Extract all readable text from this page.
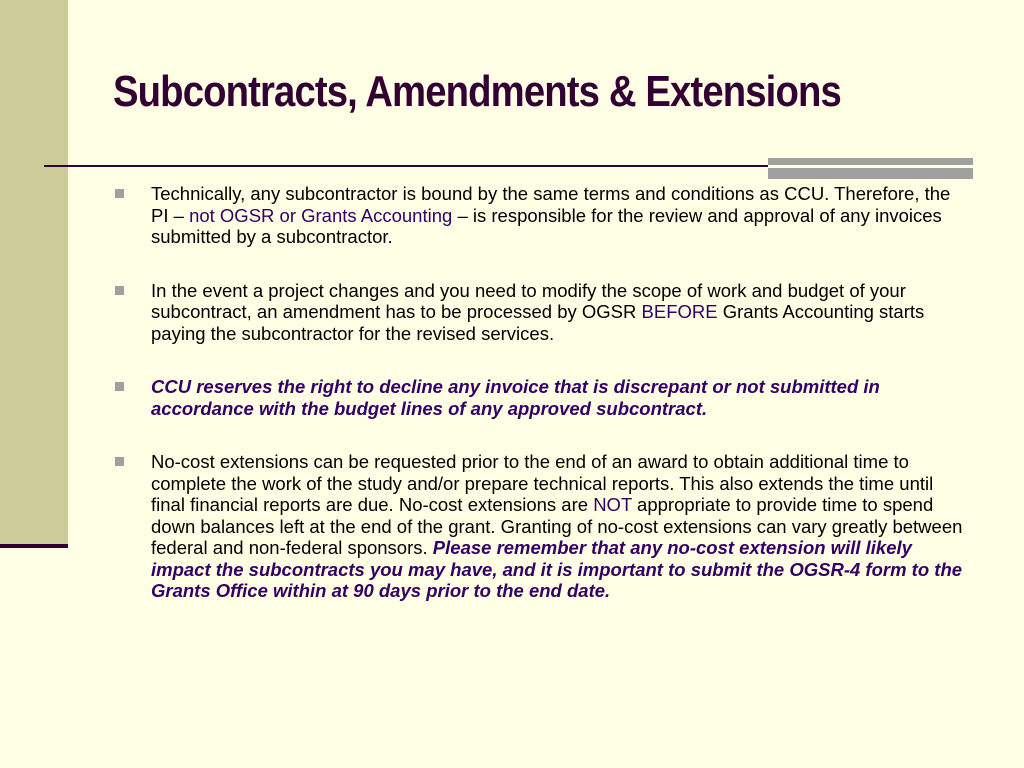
Subcontracts, Amendments & Extensions
Technically, any subcontractor is bound by the same terms and conditions as CCU. Therefore, the PI – not OGSR or Grants Accounting – is responsible for the review and approval of any invoices submitted by a subcontractor.
In the event a project changes and you need to modify the scope of work and budget of your subcontract, an amendment has to be processed by OGSR BEFORE Grants Accounting starts paying the subcontractor for the revised services.
CCU reserves the right to decline any invoice that is discrepant or not submitted in accordance with the budget lines of any approved subcontract.
No-cost extensions can be requested prior to the end of an award to obtain additional time to complete the work of the study and/or prepare technical reports. This also extends the time until final financial reports are due. No-cost extensions are NOT appropriate to provide time to spend down balances left at the end of the grant. Granting of no-cost extensions can vary greatly between federal and non-federal sponsors. Please remember that any no-cost extension will likely impact the subcontracts you may have, and it is important to submit the OGSR-4 form to the Grants Office within at 90 days prior to the end date.
